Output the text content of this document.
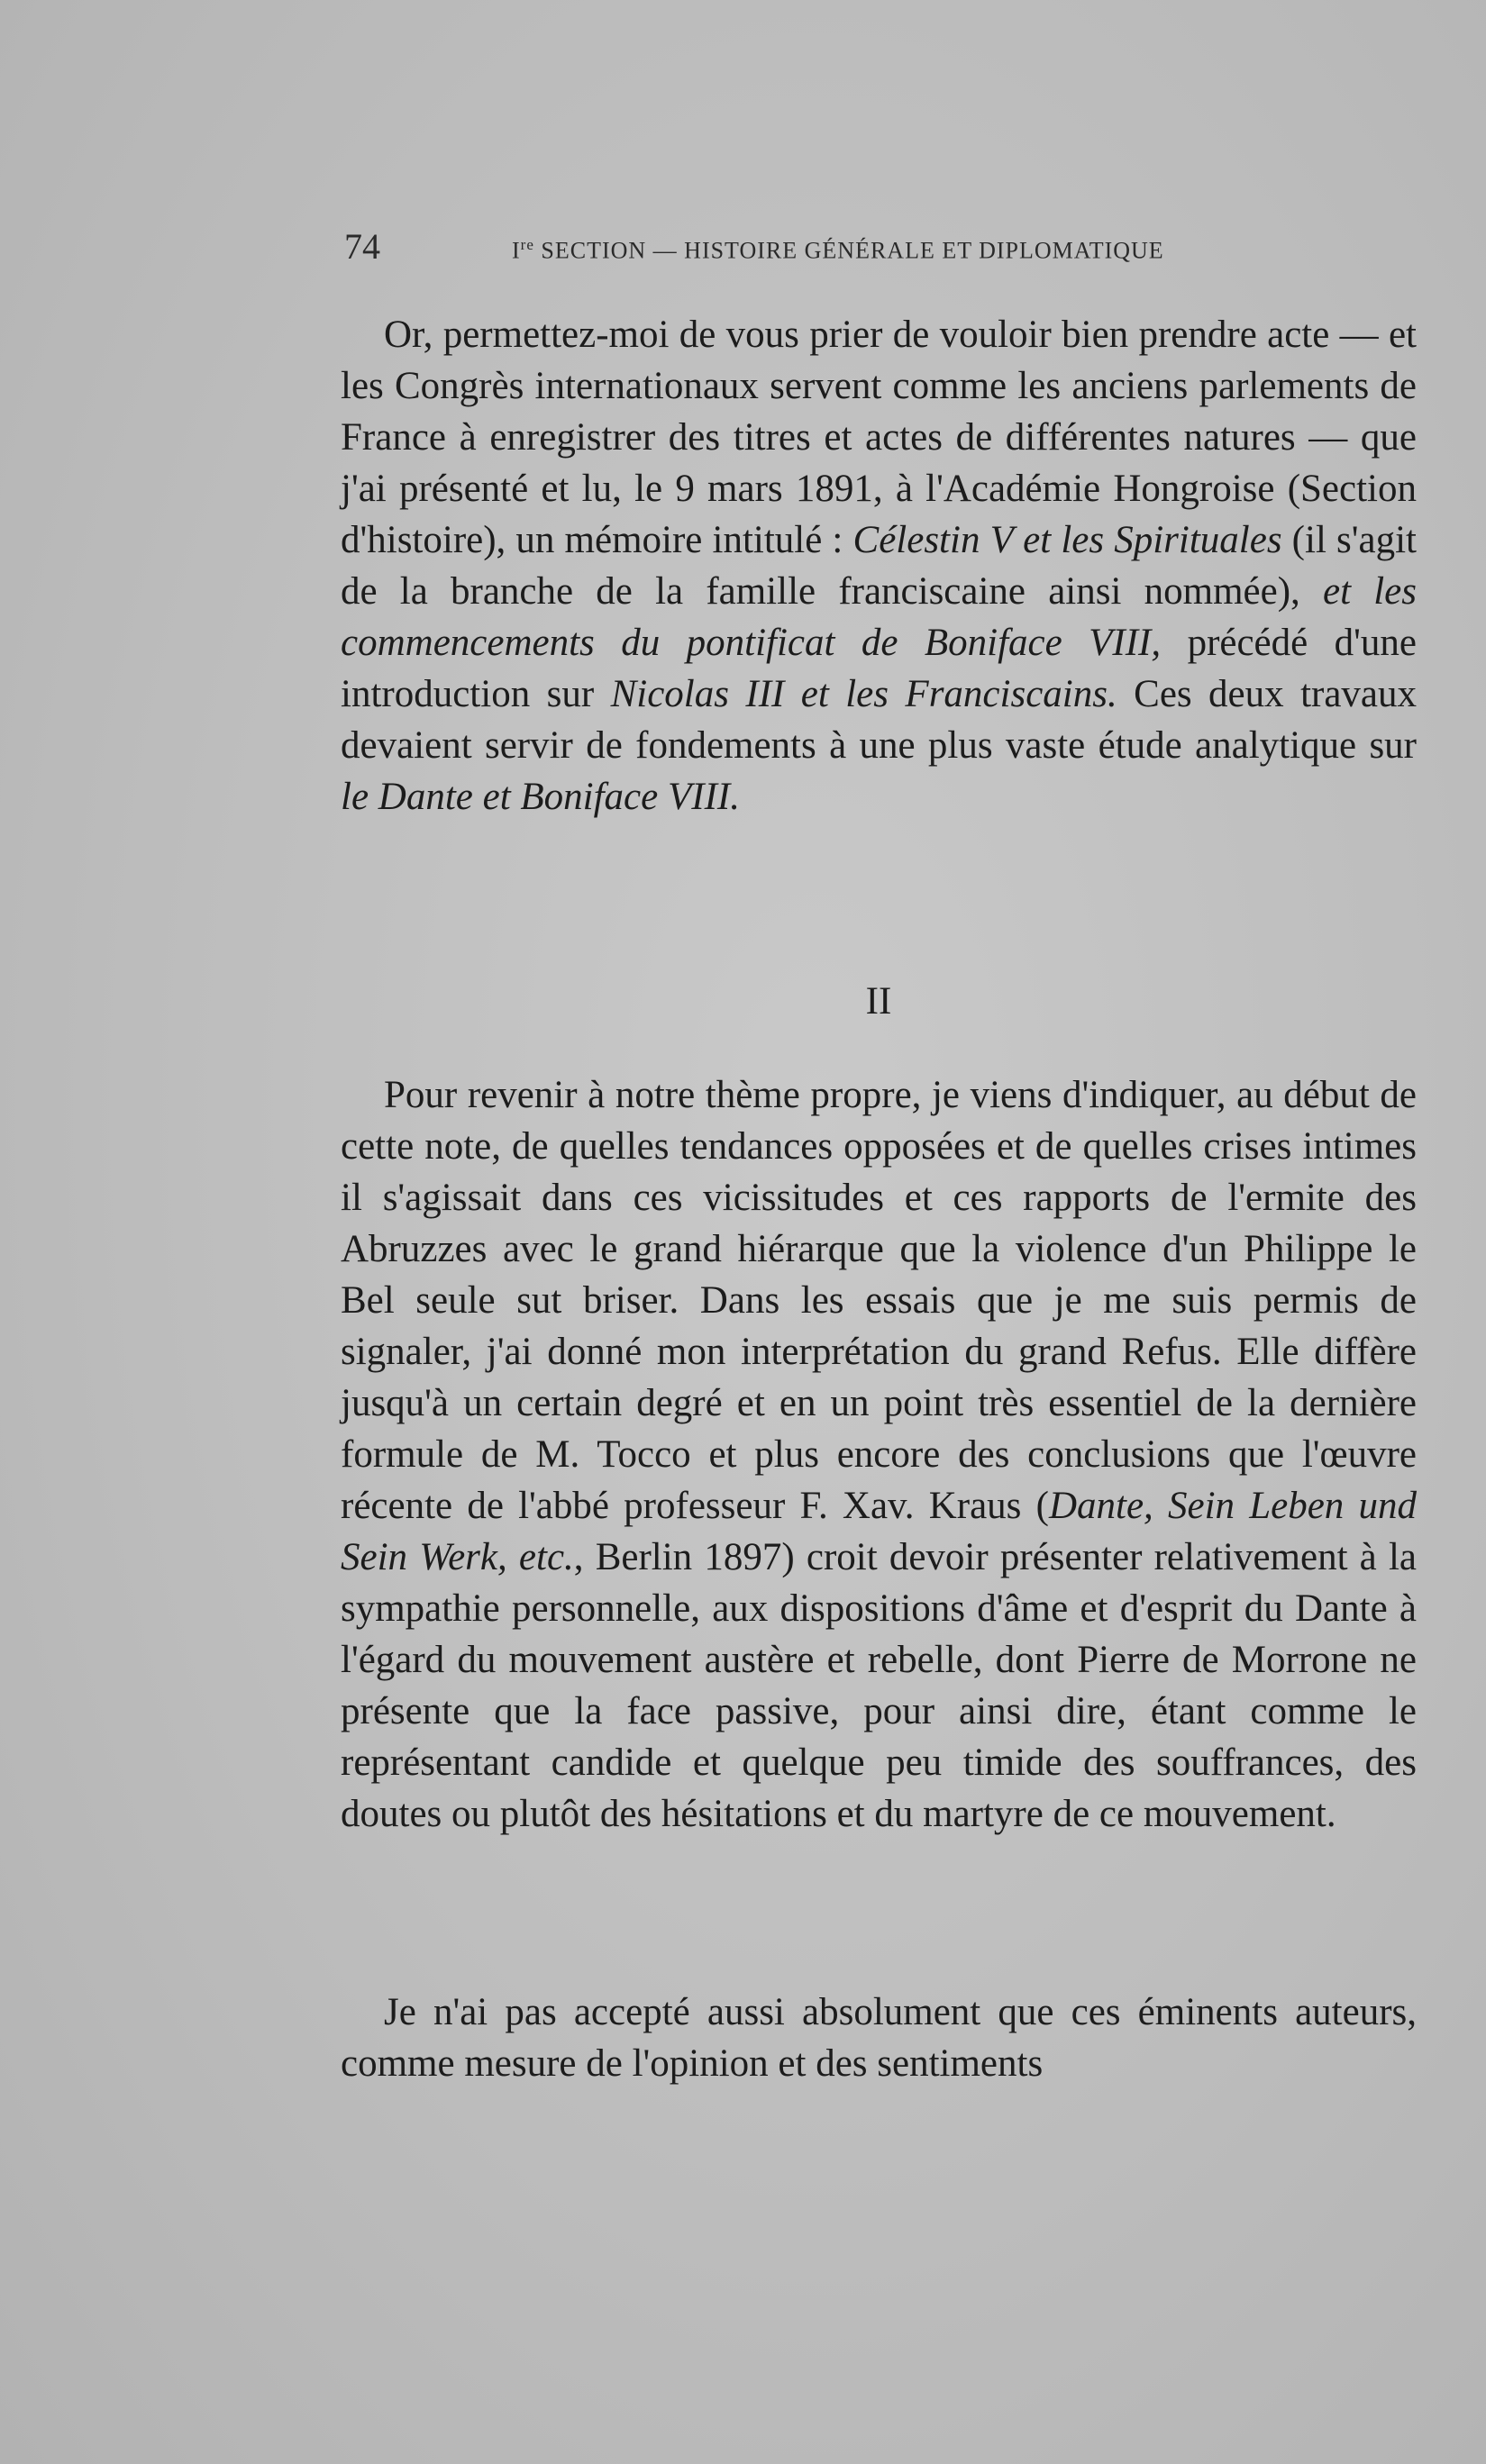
74	Ire SECTION — HISTOIRE GÉNÉRALE ET DIPLOMATIQUE

Or, permettez-moi de vous prier de vouloir bien prendre acte — et les Congrès internationaux servent comme les anciens parlements de France à enregistrer des titres et actes de différentes natures — que j'ai présenté et lu, le 9 mars 1891, à l'Académie Hongroise (Section d'histoire), un mémoire intitulé : Célestin V et les Spirituales (il s'agit de la branche de la famille franciscaine ainsi nommée), et les commencements du pontificat de Boniface VIII, précédé d'une introduction sur Nicolas III et les Franciscains. Ces deux travaux devaient servir de fondements à une plus vaste étude analytique sur le Dante et Boniface VIII.

II

Pour revenir à notre thème propre, je viens d'indiquer, au début de cette note, de quelles tendances opposées et de quelles crises intimes il s'agissait dans ces vicissitudes et ces rapports de l'ermite des Abruzzes avec le grand hiérarque que la violence d'un Philippe le Bel seule sut briser. Dans les essais que je me suis permis de signaler, j'ai donné mon interprétation du grand Refus. Elle diffère jusqu'à un certain degré et en un point très essentiel de la dernière formule de M. Tocco et plus encore des conclusions que l'œuvre récente de l'abbé professeur F. Xav. Kraus (Dante, Sein Leben und Sein Werk, etc., Berlin 1897) croit devoir présenter relativement à la sympathie personnelle, aux dispositions d'âme et d'esprit du Dante à l'égard du mouvement austère et rebelle, dont Pierre de Morrone ne présente que la face passive, pour ainsi dire, étant comme le représentant candide et quelque peu timide des souffrances, des doutes ou plutôt des hésitations et du martyre de ce mouvement.

Je n'ai pas accepté aussi absolument que ces éminents auteurs, comme mesure de l'opinion et des sentiments
